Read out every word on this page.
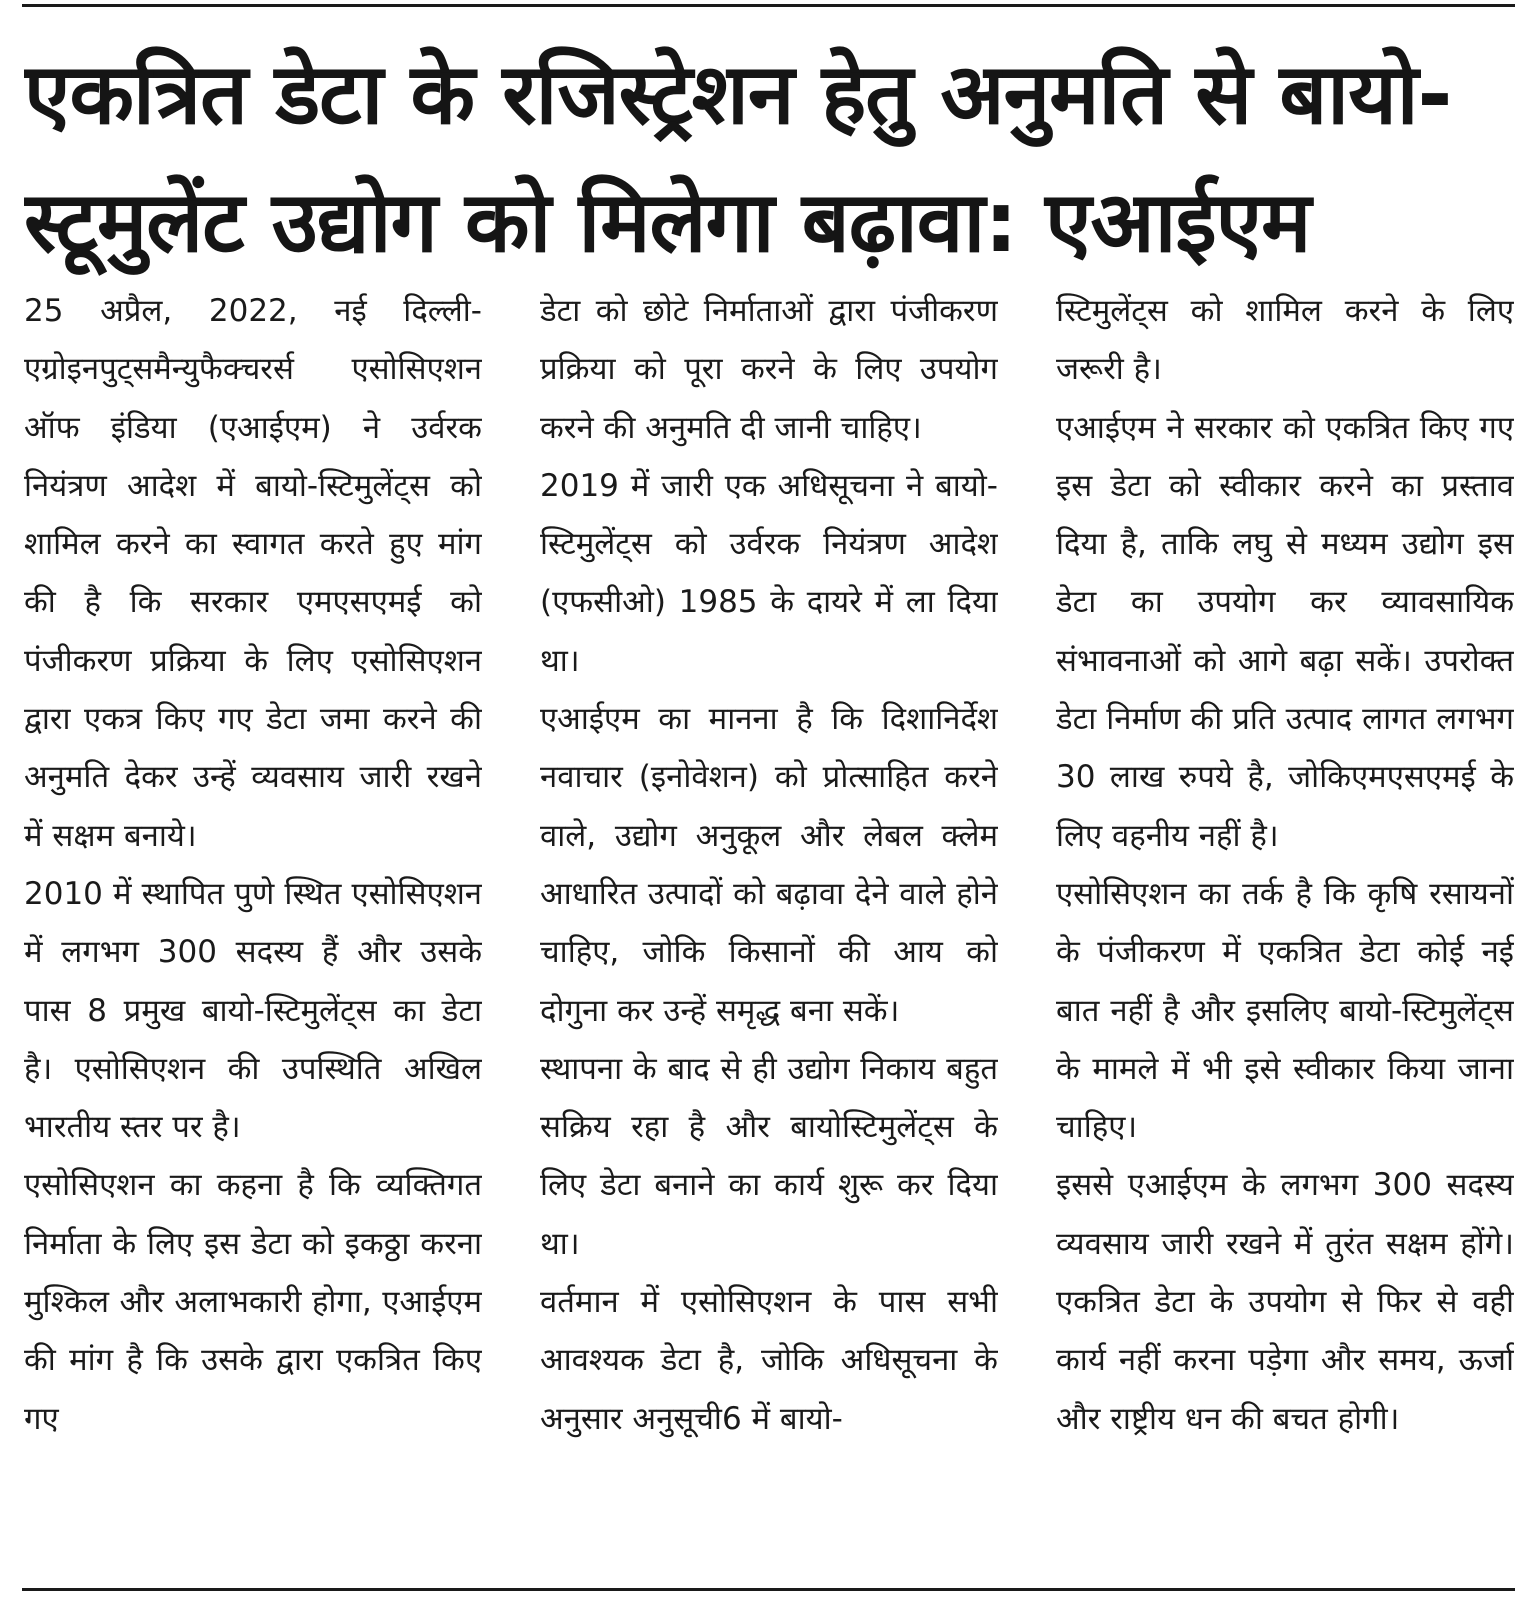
एकत्रित डेटा के रजिस्ट्रेशन हेतु अनुमति से बायो-
स्टूमुलेंट उद्योग को मिलेगा बढ़ावा: एआईएम

25 अप्रैल, 2022, नई दिल्ली- एग्रोइनपुट्समैन्युफैक्चरर्स एसोसिएशन ऑफ इंडिया (एआईएम) ने उर्वरक नियंत्रण आदेश में बायो-स्टिमुलेंट्स को शामिल करने का स्वागत करते हुए मांग की है कि सरकार एमएसएमई को पंजीकरण प्रक्रिया के लिए एसोसिएशन द्वारा एकत्र किए गए डेटा जमा करने की अनुमति देकर उन्हें व्यवसाय जारी रखने में सक्षम बनाये।

2010 में स्थापित पुणे स्थित एसोसिएशन में लगभग 300 सदस्य हैं और उसके पास 8 प्रमुख बायो-स्टिमुलेंट्स का डेटा है। एसोसिएशन की उपस्थिति अखिल भारतीय स्तर पर है।

एसोसिएशन का कहना है कि व्यक्तिगत निर्माता के लिए इस डेटा को इकठ्ठा करना मुश्किल और अलाभकारी होगा, एआईएम की मांग है कि उसके द्वारा एकत्रित किए गए

डेटा को छोटे निर्माताओं द्वारा पंजीकरण प्रक्रिया को पूरा करने के लिए उपयोग करने की अनुमति दी जानी चाहिए।

2019 में जारी एक अधिसूचना ने बायो-स्टिमुलेंट्स को उर्वरक नियंत्रण आदेश (एफसीओ) 1985 के दायरे में ला दिया था।

एआईएम का मानना है कि दिशानिर्देश नवाचार (इनोवेशन) को प्रोत्साहित करने वाले, उद्योग अनुकूल और लेबल क्लेम आधारित उत्पादों को बढ़ावा देने वाले होने चाहिए, जोकि किसानों की आय को दोगुना कर उन्हें समृद्ध बना सकें।

स्थापना के बाद से ही उद्योग निकाय बहुत सक्रिय रहा है और बायोस्टिमुलेंट्स के लिए डेटा बनाने का कार्य शुरू कर दिया था।

वर्तमान में एसोसिएशन के पास सभी आवश्यक डेटा है, जोकि अधिसूचना के अनुसार अनुसूची6 में बायो-

स्टिमुलेंट्स को शामिल करने के लिए जरूरी है।

एआईएम ने सरकार को एकत्रित किए गए इस डेटा को स्वीकार करने का प्रस्ताव दिया है, ताकि लघु से मध्यम उद्योग इस डेटा का उपयोग कर व्यावसायिक संभावनाओं को आगे बढ़ा सकें। उपरोक्त डेटा निर्माण की प्रति उत्पाद लागत लगभग 30 लाख रुपये है, जोकिएमएसएमई के लिए वहनीय नहीं है।

एसोसिएशन का तर्क है कि कृषि रसायनों के पंजीकरण में एकत्रित डेटा कोई नई बात नहीं है और इसलिए बायो-स्टिमुलेंट्स के मामले में भी इसे स्वीकार किया जाना चाहिए।

इससे एआईएम के लगभग 300 सदस्य व्यवसाय जारी रखने में तुरंत सक्षम होंगे। एकत्रित डेटा के उपयोग से फिर से वही कार्य नहीं करना पड़ेगा और समय, ऊर्जा और राष्ट्रीय धन की बचत होगी।
